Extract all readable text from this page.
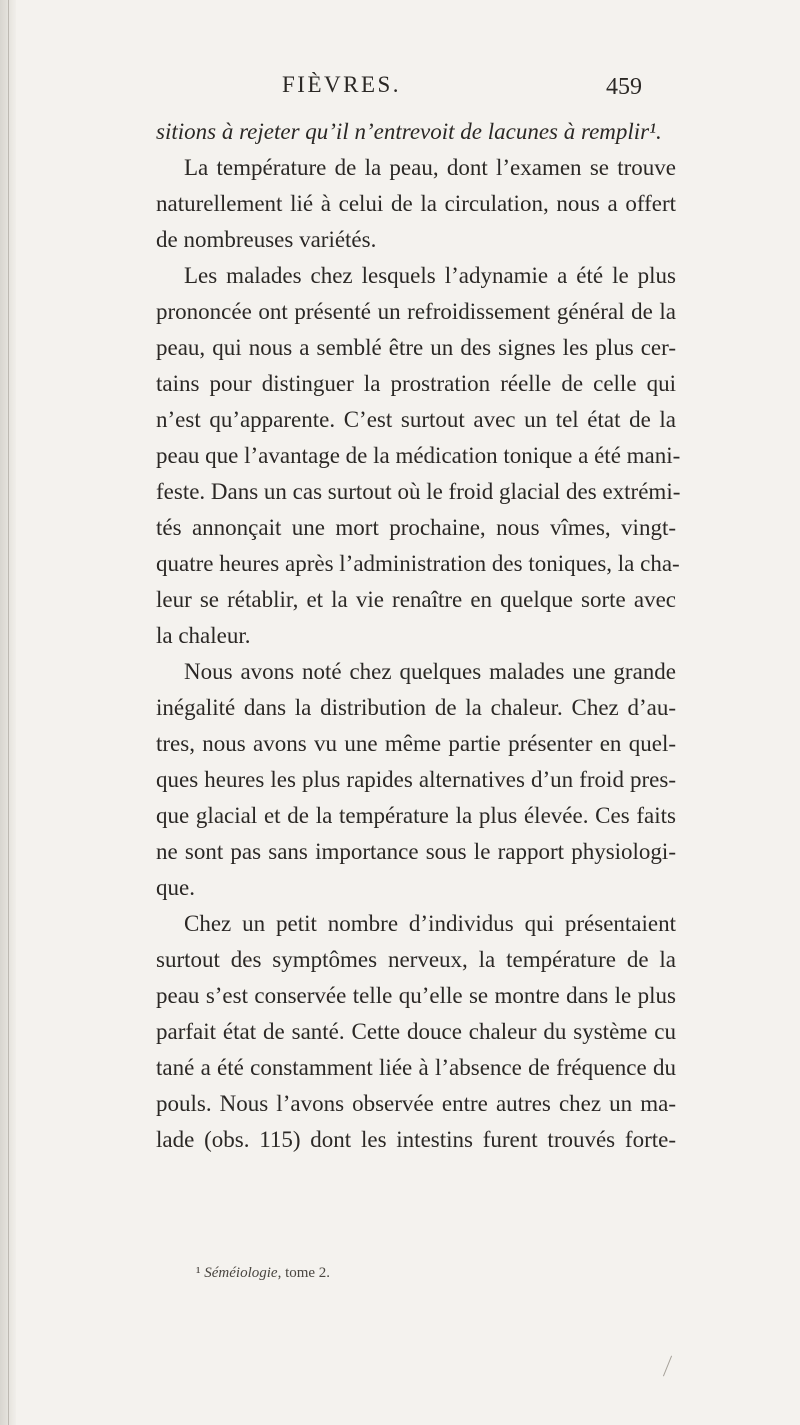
FIÈVRES.	459
sitions à rejeter qu’il n’entrevoit de lacunes à remplir¹.
La température de la peau, dont l’examen se trouve
naturellement lié à celui de la circulation, nous a offert
de nombreuses variétés.
Les malades chez lesquels l’adynamie a été le plus
prononcée ont présenté un refroidissement général de la
peau, qui nous a semblé être un des signes les plus cer-
tains pour distinguer la prostration réelle de celle qui
n’est qu’apparente. C’est surtout avec un tel état de la
peau que l’avantage de la médication tonique a été mani-
feste. Dans un cas surtout où le froid glacial des extrémi-
tés annonçait une mort prochaine, nous vîmes, vingt-
quatre heures après l’administration des toniques, la cha-
leur se rétablir, et la vie renaître en quelque sorte avec
la chaleur.
Nous avons noté chez quelques malades une grande
inégalité dans la distribution de la chaleur. Chez d’au-
tres, nous avons vu une même partie présenter en quel-
ques heures les plus rapides alternatives d’un froid pres-
que glacial et de la température la plus élevée. Ces faits
ne sont pas sans importance sous le rapport physiologi-
que.
Chez un petit nombre d’individus qui présentaient
surtout des symptômes nerveux, la température de la
peau s’est conservée telle qu’elle se montre dans le plus
parfait état de santé. Cette douce chaleur du système cu
tané a été constamment liée à l’absence de fréquence du
pouls. Nous l’avons observée entre autres chez un ma-
lade (obs. 115) dont les intestins furent trouvés forte-
¹ Séméiologie, tome 2.
